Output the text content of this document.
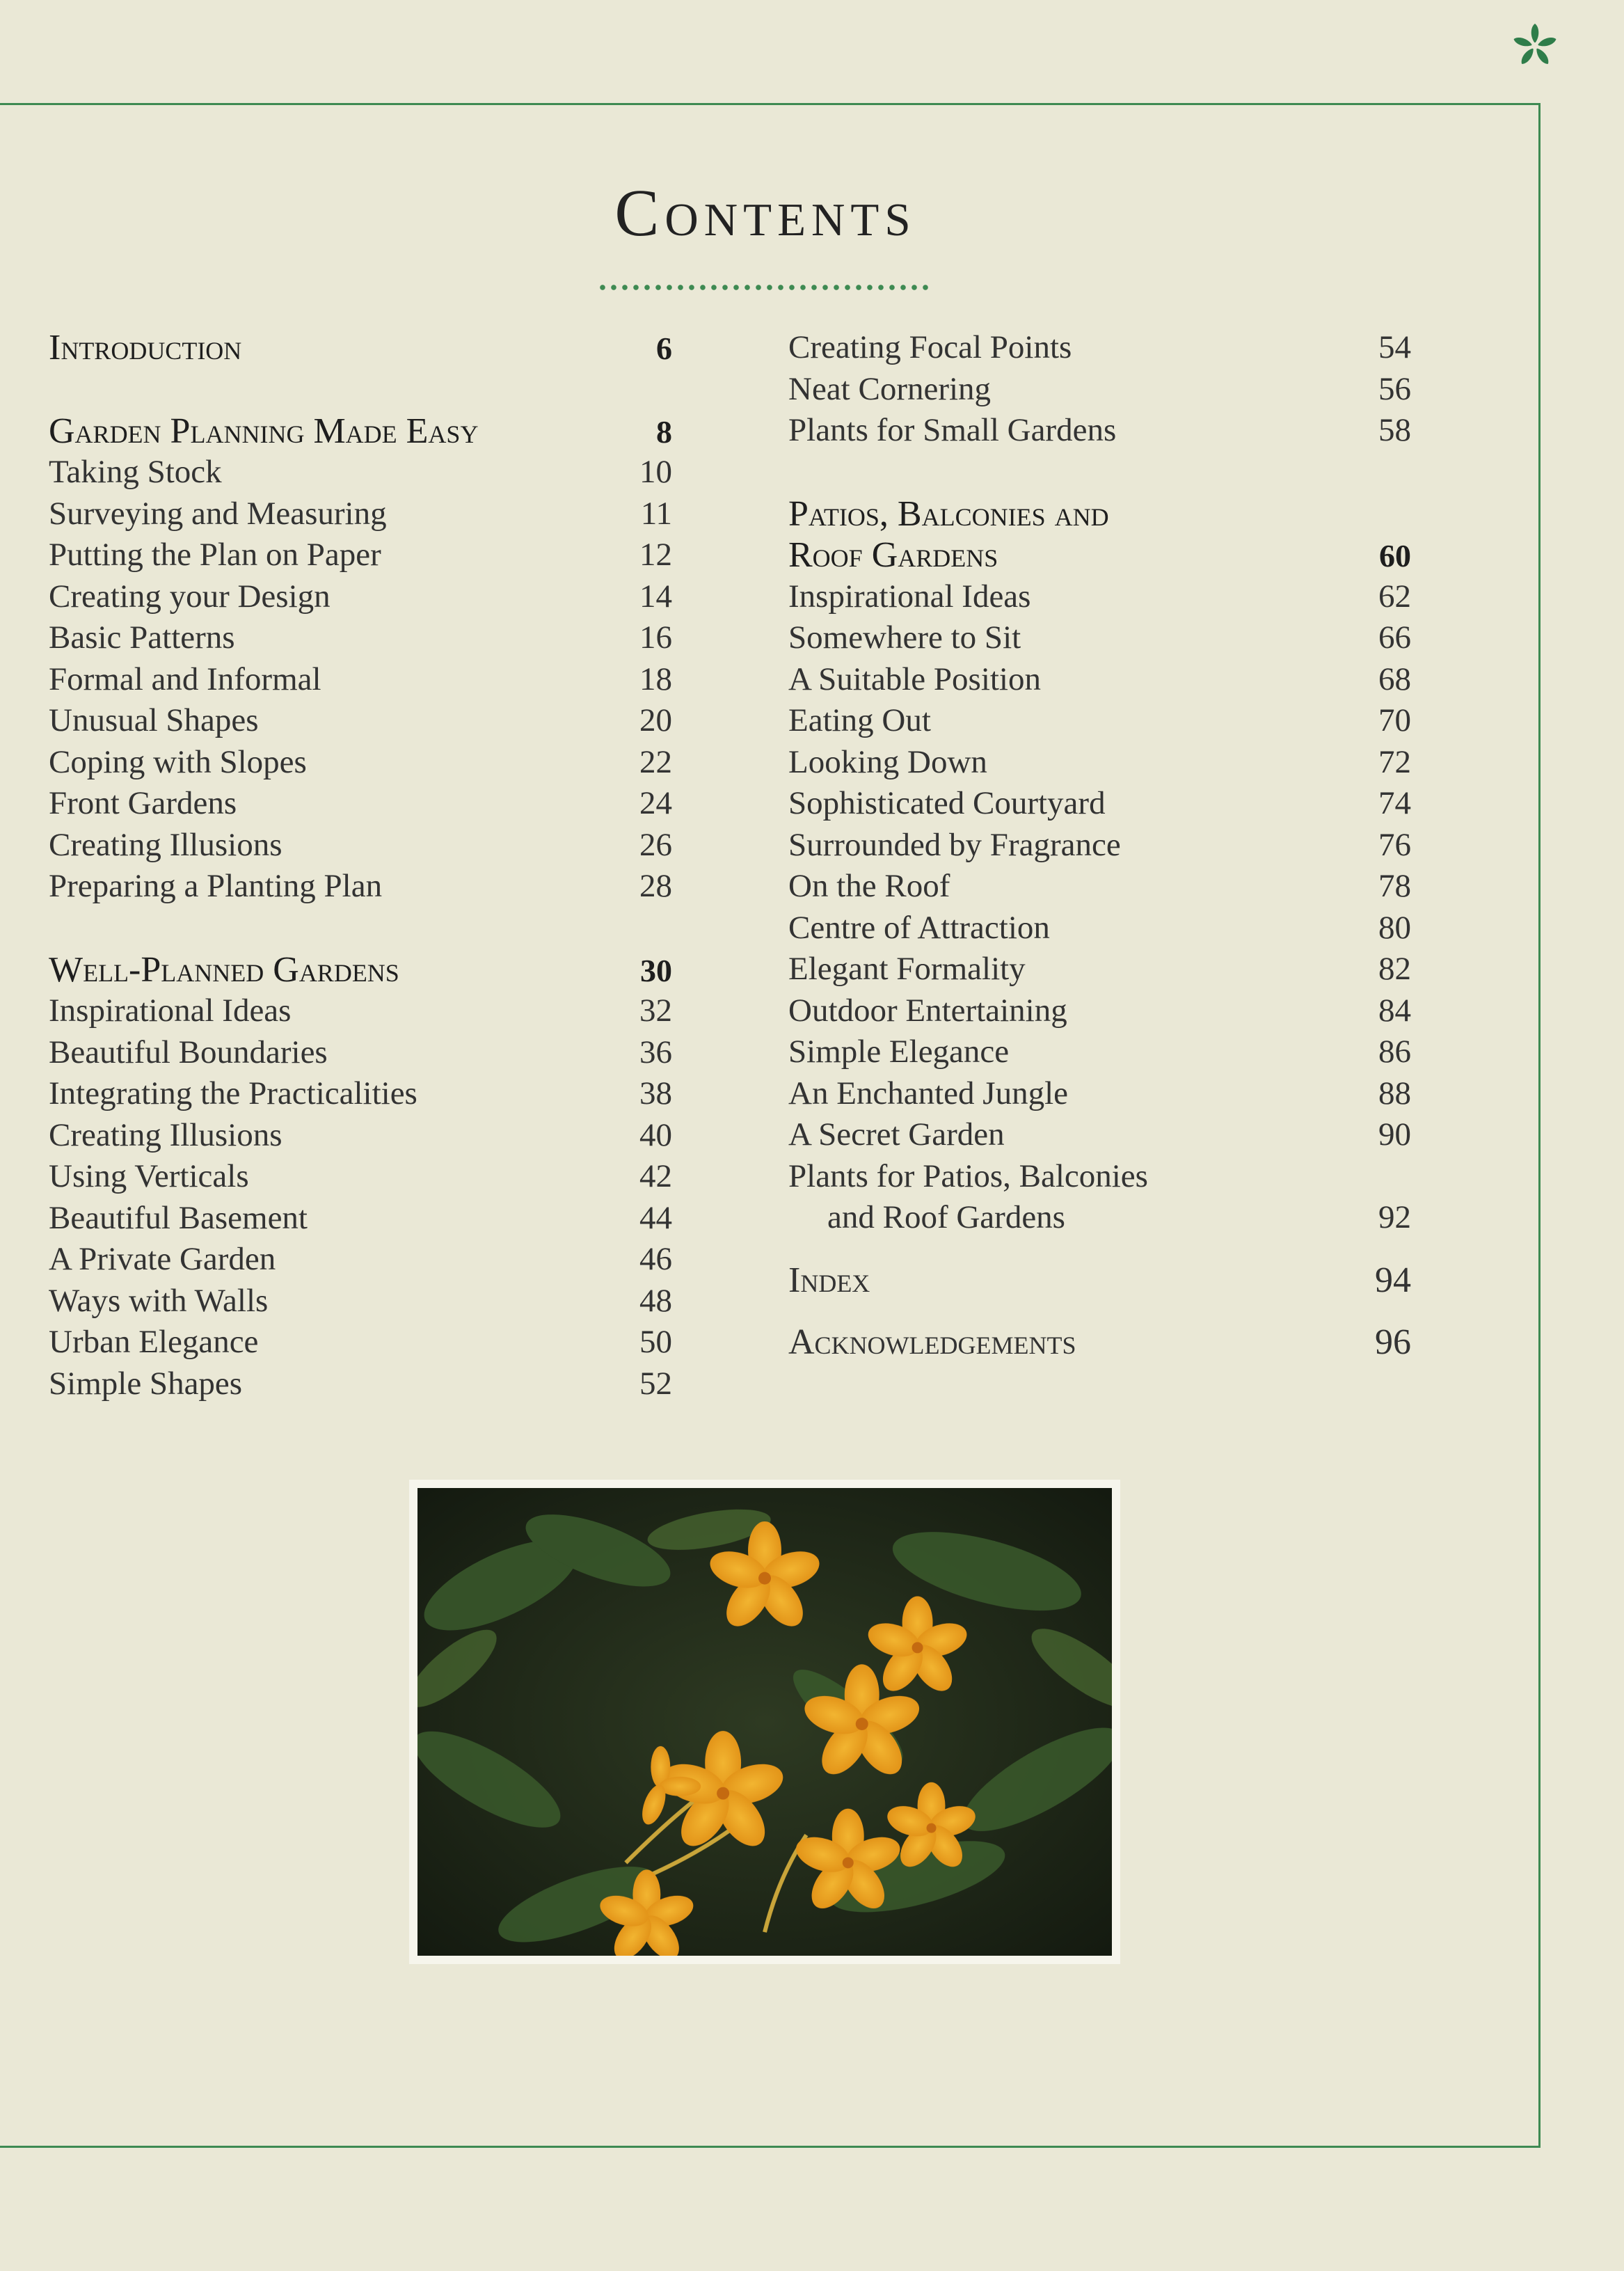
Contents
Introduction	6
Garden Planning Made Easy	8
Taking Stock	10
Surveying and Measuring	11
Putting the Plan on Paper	12
Creating your Design	14
Basic Patterns	16
Formal and Informal	18
Unusual Shapes	20
Coping with Slopes	22
Front Gardens	24
Creating Illusions	26
Preparing a Planting Plan	28
Well-Planned Gardens	30
Inspirational Ideas	32
Beautiful Boundaries	36
Integrating the Practicalities	38
Creating Illusions	40
Using Verticals	42
Beautiful Basement	44
A Private Garden	46
Ways with Walls	48
Urban Elegance	50
Simple Shapes	52
Creating Focal Points	54
Neat Cornering	56
Plants for Small Gardens	58
Patios, Balconies and
Roof Gardens	60
Inspirational Ideas	62
Somewhere to Sit	66
A Suitable Position	68
Eating Out	70
Looking Down	72
Sophisticated Courtyard	74
Surrounded by Fragrance	76
On the Roof	78
Centre of Attraction	80
Elegant Formality	82
Outdoor Entertaining	84
Simple Elegance	86
An Enchanted Jungle	88
A Secret Garden	90
Plants for Patios, Balconies
and Roof Gardens	92
Index	94
Acknowledgements	96
